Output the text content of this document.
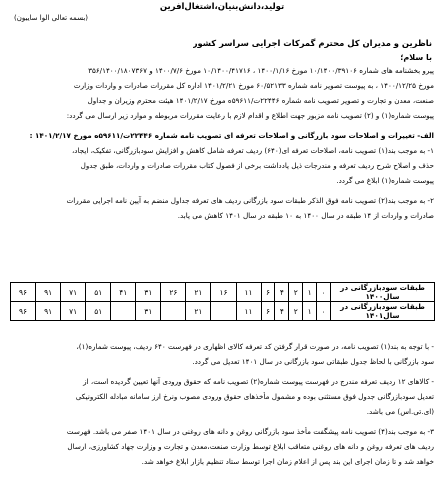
تولید،دانش‌بنیان،اشتغال‌آفرین
(بسمه تعالی الوا ساییون)
ناظرین و مدیران کل محترم گمرکات اجرایی سراسر کشور
با سلام؛
پیرو بخشنامه های شماره ۱۰/۱۴۰۰/۳۹۱۰۶ مورخ ۱۴۰۰/۱/۱۶ ، ۱۰/۱۴۰۰/۴۱۷۱۶ مورخ ۱۴۰۰/۷/۶ و ۳۵۶/۱۴۰۰/۱۸۰۷۳۶۷
مورخ ۱۴۰۰/۱۲/۲۵ ، به پیوست تصویر نامه شماره ۶۰/۵۲۱۳۳ مورخ ۱۴۰۱/۲/۲۱ اداره کل مقررات صادرات و واردات وزارت
صنعت، معدن و تجارت و تصویر تصویب نامه شماره ۲۲۴۴۶ت/۵۹۶۱۱ه مورخ ۱۴۰۱/۲/۱۷ هیئت محترم وزیران و جداول
پیوست شماره(۱) و (۲) تصویب نامه مزبور جهت اطلاع و اقدام لازم با رعایت مقررات مربوطه و موارد زیر ارسال می گردد:
الف- تغییرات و اصلاحات سود بازرگانی و اصلاحات تعرفه ای تصویب نامه شماره ۲۲۴۴۶ت/۵۹۶۱۱ه مورخ ۱۴۰۱/۲/۱۷ :
۱- به موجب بند(۱) تصویب نامه، اصلاحات تعرفه ای(۶۴۰) ردیف تعرفه شامل کاهش و افزایش سودبازرگانی، تفکیک، ایجاد،
حذف و اصلاح شرح ردیف تعرفه و مندرجات ذیل یادداشت برخی از فصول کتاب مقررات صادرات و واردات، طبق جدول
پیوست شماره(۱) ابلاغ می گردد.
۲- به موجب بند(۲) تصویب نامه فوق الذکر طبقات سود بازرگانی ردیف های تعرفه جداول منضم به آیین نامه اجرایی مقررات
صادرات و واردات از ۱۴ طبقه در سال ۱۴۰۰ به ۱۰ طبقه در سال ۱۴۰۱ کاهش می یابد.
طبقات سودبازرگانی در سال۱۴۰۰	۰	۱	۲	۴	۶	۱۱	۱۶	۲۱	۲۶	۳۱	۴۱	۵۱	۷۱	۹۱	۹۶
طبقات سودبازرگانی در سال۱۴۰۱	۰	۱	۲	۴	۶	۱۱		۲۱		۳۱		۵۱	۷۱	۹۱	۹۶
- با توجه به بند(۱) تصویب نامه، در صورت قرار گرفتن کد تعرفه کالای اظهاری در فهرست ۶۴۰ ردیف، پیوست شماره(۱)،
سود بازرگانی با لحاظ جدول طبقاتی سود بازرگانی در سال ۱۴۰۱ تعدیل می گردد.
- کالاهای ۱۲ ردیف تعرفه مندرج در فهرست پیوست شماره(۲) تصویب نامه که حقوق ورودی آنها تعیین گردیده است، از
تعدیل سودبازرگانی جدول فوق مستثنی بوده و مشمول مأخذهای حقوق ورودی مصوب ونرخ ارز سامانه مبادله الکترونیکی
(ای.تی.اس) می باشد.
۳- به موجب بند(۴) تصویب نامه پیشگفت مأخذ سود بازرگانی روغن و دانه های روغنی در سال ۱۴۰۱ صفر می باشد. فهرست
ردیف های تعرفه روغن و دانه های روغنی متعاقب ابلاغ توسط وزارت صنعت،معدن و تجارت و وزارت جهاد کشاورزی، ارسال
خواهد شد و تا زمان اجرای این بند پس از اعلام زمان اجرا توسط ستاد تنظیم بازار ابلاغ خواهد شد.
